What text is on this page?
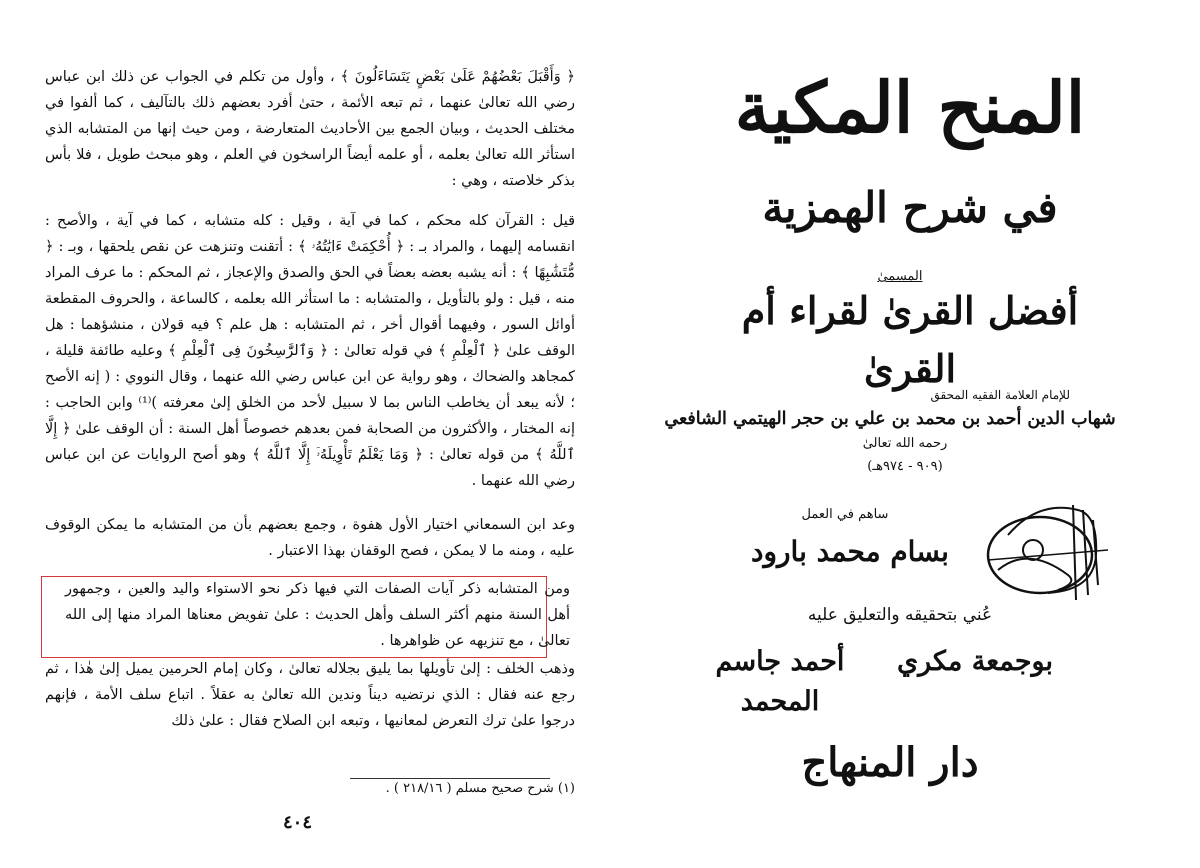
﴿ وَأَقْبَلَ بَعْضُهُمْ عَلَىٰ بَعْضٍ يَتَسَاءَلُونَ ﴾ ، وأول من تكلم في الجواب عن ذلك ابن عباس رضي الله تعالىٰ عنهما ، ثم تبعه الأئمة ، حتىٰ أفرد بعضهم ذلك بالتآليف ، كما ألفوا في مختلف الحديث ، وبيان الجمع بين الأحاديث المتعارضة ، ومن حيث إنها من المتشابه الذي استأثر الله تعالىٰ بعلمه ، أو علمه أيضاً الراسخون في العلم ، وهو مبحث طويل ، فلا بأس بذكر خلاصته ، وهي :

قيل : القرآن كله محكم ، كما في آية ، وقيل : كله متشابه ، كما في آية ، والأصح : انقسامه إليهما ، والمراد بـ : ﴿ أُحْكِمَتْ ءَايَٰتُهُۥ ﴾ : أتقنت وتنزهت عن نقص يلحقها ، وبـ : ﴿ مُّتَشَٰبِهًا ﴾ : أنه يشبه بعضه بعضاً في الحق والصدق والإعجاز ، ثم المحكم : ما عرف المراد منه ، قيل : ولو بالتأويل ، والمتشابه : ما استأثر الله بعلمه ، كالساعة ، والحروف المقطعة أوائل السور ، وفيهما أقوال أخر ، ثم المتشابه : هل علم ؟ فيه قولان ، منشؤهما : هل الوقف علىٰ ﴿ ٱلْعِلْمِ ﴾ في قوله تعالىٰ : ﴿ وَٱلرَّٰسِخُونَ فِى ٱلْعِلْمِ ﴾ وعليه طائفة قليلة ، كمجاهد والضحاك ، وهو رواية عن ابن عباس رضي الله عنهما ، وقال النووي : ( إنه الأصح ؛ لأنه يبعد أن يخاطب الناس بما لا سبيل لأحد من الخلق إلىٰ معرفته )⁽¹⁾ وابن الحاجب : إنه المختار ، والأكثرون من الصحابة فمن بعدهم خصوصاً أهل السنة : أن الوقف علىٰ ﴿ إِلَّا ٱللَّهُ ﴾ من قوله تعالىٰ : ﴿ وَمَا يَعْلَمُ تَأْوِيلَهُۥٓ إِلَّا ٱللَّهُ ﴾ وهو أصح الروايات عن ابن عباس رضي الله عنهما .

وعد ابن السمعاني اختيار الأول هفوة ، وجمع بعضهم بأن من المتشابه ما يمكن الوقوف عليه ، ومنه ما لا يمكن ، فصح الوقفان بهذا الاعتبار .

ومن المتشابه ذكر آيات الصفات التي فيها ذكر نحو الاستواء واليد والعين ، وجمهور أهل السنة منهم أكثر السلف وأهل الحديث : علىٰ تفويض معناها المراد منها إلى الله تعالىٰ ، مع تنزيهه عن ظواهرها .

وذهب الخلف : إلىٰ تأويلها بما يليق بجلاله تعالىٰ ، وكان إمام الحرمين يميل إلىٰ هٰذا ، ثم رجع عنه فقال : الذي نرتضيه ديناً وندين الله تعالىٰ به عقلاً . اتباع سلف الأمة ، فإنهم درجوا علىٰ ترك التعرض لمعانيها ، وتبعه ابن الصلاح فقال : علىٰ ذلك

(١) شرح صحيح مسلم ( ٢١٨/١٦ ) .
٤٠٤
المنح المكية
في شرح الهمزية
المسمىٰ
أفضل القرىٰ لقراء أم القرىٰ
للإمام العلامة الفقيه المحقق
شهاب الدين أحمد بن محمد بن علي بن حجر الهيتمي الشافعي
رحمه الله تعالىٰ
(٩٠٩ - ٩٧٤هـ)
ساهم في العمل
بسام محمد بارود
عُني بتحقيقه والتعليق عليه
أحمد جاسم المحمد
بوجمعة مكري
دار المنهاج
